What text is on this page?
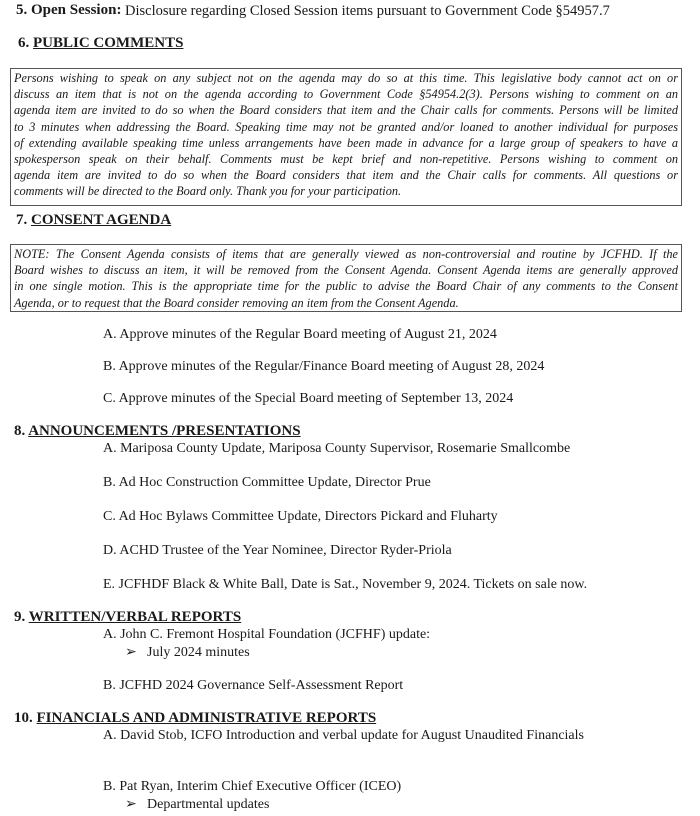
5. Open Session: Disclosure regarding Closed Session items pursuant to Government Code §54957.7
6. PUBLIC COMMENTS
Persons wishing to speak on any subject not on the agenda may do so at this time. This legislative body cannot act on or
discuss an item that is not on the agenda according to Government Code §54954.2(3). Persons wishing to comment on an
agenda item are invited to do so when the Board considers that item and the Chair calls for comments. Persons will be limited
to 3 minutes when addressing the Board. Speaking time may not be granted and/or loaned to another individual for purposes
of extending available speaking time unless arrangements have been made in advance for a large group of speakers to have a
spokesperson speak on their behalf. Comments must be kept brief and non-repetitive. Persons wishing to comment on
agenda item are invited to do so when the Board considers that item and the Chair calls for comments. All questions or
comments will be directed to the Board only. Thank you for your participation.
7. CONSENT AGENDA
NOTE: The Consent Agenda consists of items that are generally viewed as non-controversial and routine by JCFHD. If the
Board wishes to discuss an item, it will be removed from the Consent Agenda. Consent Agenda items are generally approved
in one single motion. This is the appropriate time for the public to advise the Board Chair of any comments to the Consent
Agenda, or to request that the Board consider removing an item from the Consent Agenda.
A. Approve minutes of the Regular Board meeting of August 21, 2024
B. Approve minutes of the Regular/Finance Board meeting of August 28, 2024
C. Approve minutes of the Special Board meeting of September 13, 2024
8. ANNOUNCEMENTS /PRESENTATIONS
A. Mariposa County Update, Mariposa County Supervisor, Rosemarie Smallcombe
B. Ad Hoc Construction Committee Update, Director Prue
C. Ad Hoc Bylaws Committee Update, Directors Pickard and Fluharty
D. ACHD Trustee of the Year Nominee, Director Ryder-Priola
E. JCFHDF Black & White Ball, Date is Sat., November 9, 2024. Tickets on sale now.
9. WRITTEN/VERBAL REPORTS
A. John C. Fremont Hospital Foundation (JCFHF) update:
➢ July 2024 minutes
B. JCFHD 2024 Governance Self-Assessment Report
10. FINANCIALS AND ADMINISTRATIVE REPORTS
A. David Stob, ICFO Introduction and verbal update for August Unaudited Financials
B. Pat Ryan, Interim Chief Executive Officer (ICEO)
➢ Departmental updates
